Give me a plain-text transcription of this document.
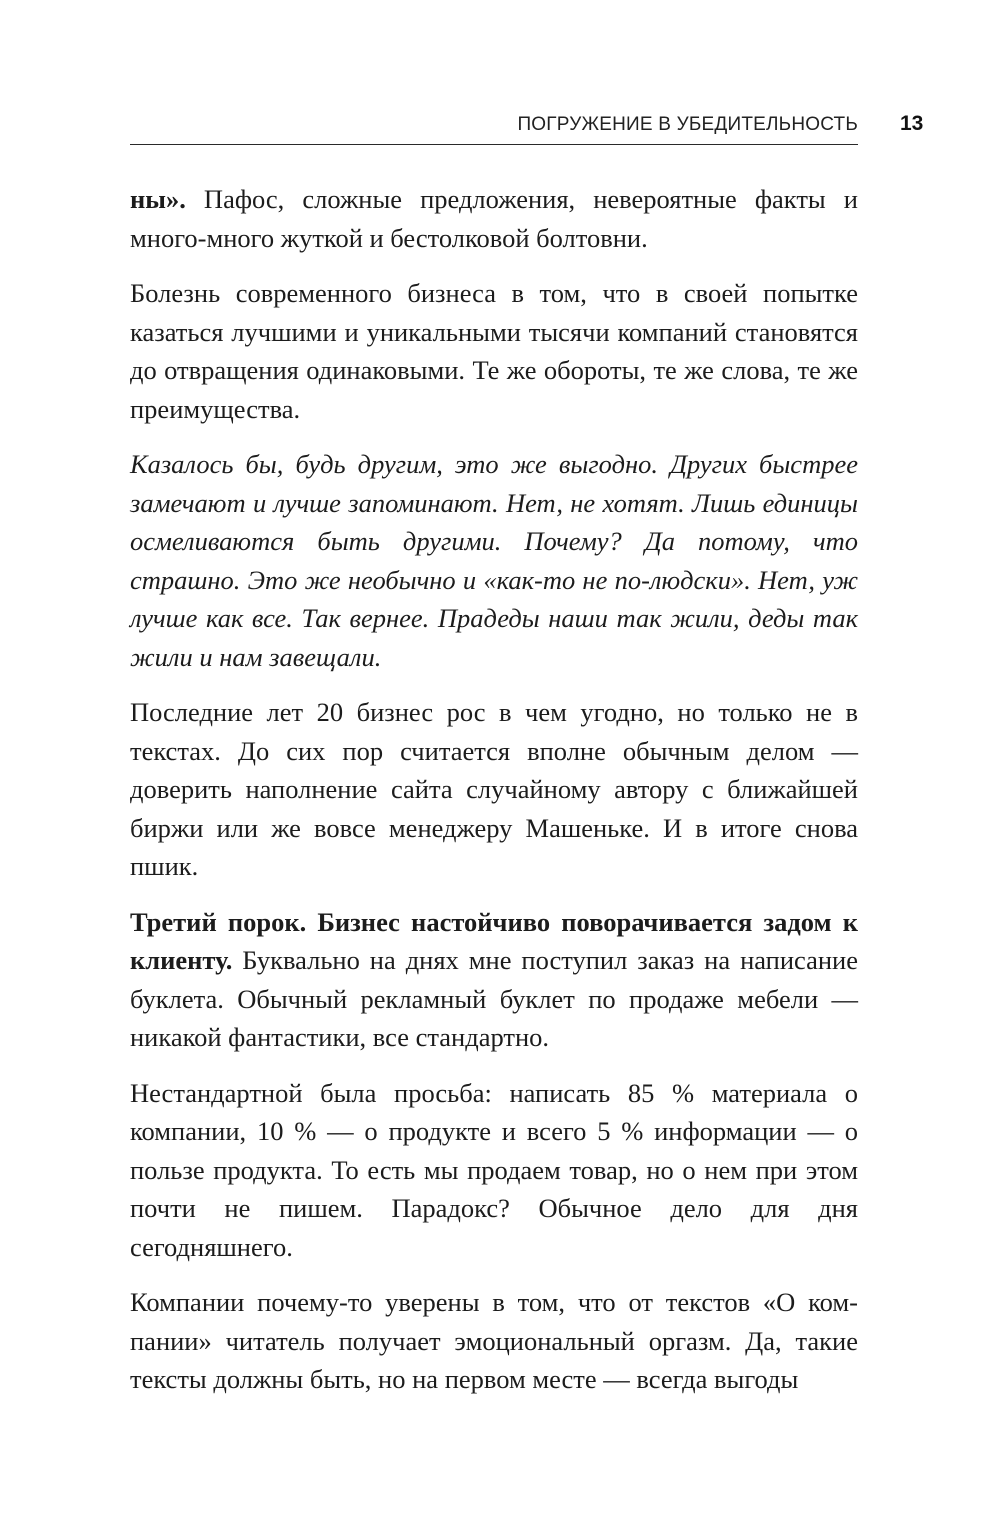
ПОГРУЖЕНИЕ В УБЕДИТЕЛЬНОСТЬ 13

ны». Пафос, сложные предложения, невероятные факты и много-много жуткой и бестолковой болтовни.

Болезнь современного бизнеса в том, что в своей попытке казаться лучшими и уникальными тысячи компаний становятся до отвращения одинаковыми. Те же обороты, те же слова, те же преимущества.

Казалось бы, будь другим, это же выгодно. Других быстрее замечают и лучше запоминают. Нет, не хотят. Лишь единицы осмеливаются быть другими. Почему? Да потому, что страшно. Это же необычно и «как-то не по-людски». Нет, уж лучше как все. Так вернее. Прадеды наши так жили, деды так жили и нам завещали.

Последние лет 20 бизнес рос в чем угодно, но только не в текстах. До сих пор считается вполне обычным делом — доверить наполнение сайта случайному автору с ближайшей биржи или же вовсе менеджеру Машеньке. И в итоге снова пшик.

Третий порок. Бизнес настойчиво поворачивается задом к клиенту. Буквально на днях мне поступил заказ на написание буклета. Обычный рекламный буклет по продаже мебели — никакой фантастики, все стандартно.

Нестандартной была просьба: написать 85 % материала о компании, 10 % — о продукте и всего 5 % информации — о пользе продукта. То есть мы продаем товар, но о нем при этом почти не пишем. Парадокс? Обычное дело для дня сегодняшнего.

Компании почему-то уверены в том, что от текстов «О компании» читатель получает эмоциональный оргазм. Да, такие тексты должны быть, но на первом месте — всегда выгоды
